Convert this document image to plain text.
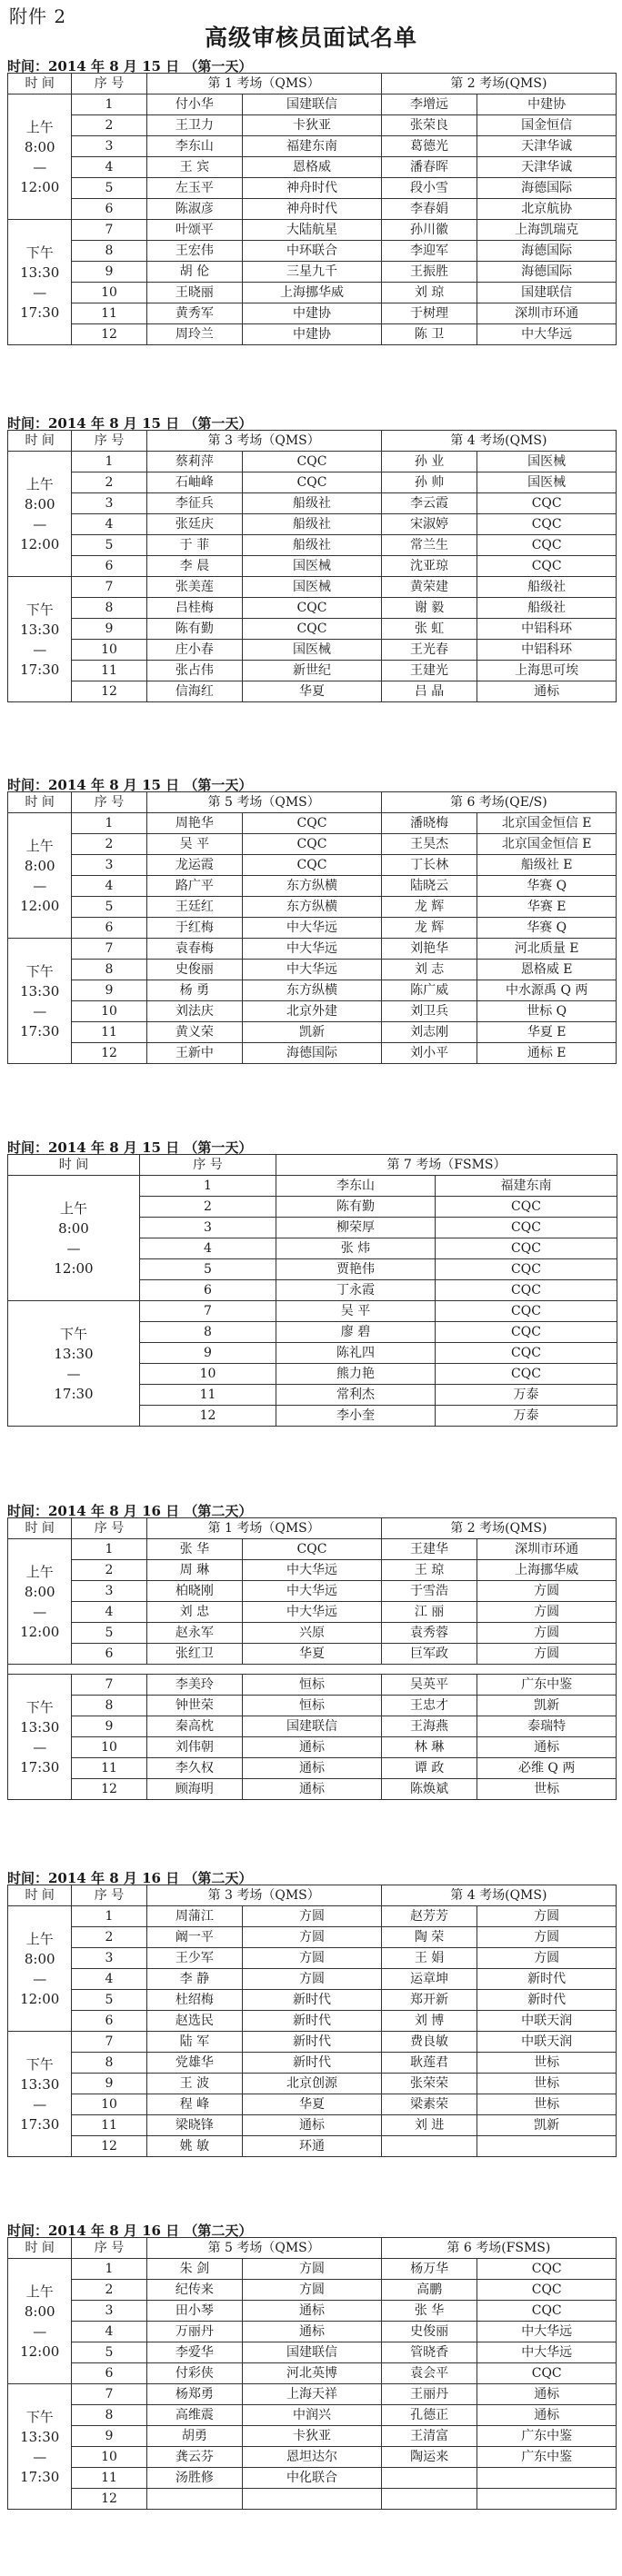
附件 2
高级审核员面试名单
时间：2014 年 8 月 15 日 （第一天）
时 间	序 号	第 1 考场（QMS）		第 2 考场(QMS)	

上午
8:00
—
12:00	1	付小华	国建联信	李增远	中建协
	2	王卫力	卡狄亚	张荣良	国金恒信
	3	李东山	福建东南	葛德光	天津华诚
	4	王 宾	恩格威	潘春晖	天津华诚
	5	左玉平	神舟时代	段小雪	海德国际
	6	陈淑彦	神舟时代	李春娟	北京航协

下午
13:30
—
17:30	7	叶颂平	大陆航星	孙川徽	上海凯瑞克
	8	王宏伟	中环联合	李迎军	海德国际
	9	胡 伦	三星九千	王振胜	海德国际
	10	王晓丽	上海挪华威	刘 琼	国建联信
	11	黄秀军	中建协	于树理	深圳市环通
	12	周玲兰	中建协	陈 卫	中大华远
时间：2014 年 8 月 15 日 （第一天）
时 间	序 号	第 3 考场（QMS）		第 4 考场(QMS)	

上午
8:00
—
12:00	1	蔡莉萍	CQC	孙 业	国医械
	2	石岫峰	CQC	孙 帅	国医械
	3	李征兵	船级社	李云霞	CQC
	4	张廷庆	船级社	宋淑婷	CQC
	5	于 菲	船级社	常兰生	CQC
	6	李 晨	国医械	沈亚琼	CQC

下午
13:30
—
17:30	7	张美莲	国医械	黄荣建	船级社
	8	吕桂梅	CQC	谢 毅	船级社
	9	陈有勤	CQC	张 虹	中铝科环
	10	庄小春	国医械	王光春	中铝科环
	11	张占伟	新世纪	王建光	上海思可埃
	12	信海红	华夏	吕 晶	通标
时间：2014 年 8 月 15 日 （第一天）
时 间	序 号	第 5 考场（QMS）		第 6 考场(QE/S)	

上午
8:00
—
12:00	1	周艳华	CQC	潘晓梅	北京国金恒信 E
	2	吴 平	CQC	王昊杰	北京国金恒信 E
	3	龙运霞	CQC	丁长林	船级社 E
	4	路广平	东方纵横	陆晓云	华赛 Q
	5	王廷红	东方纵横	龙 辉	华赛 E
	6	于红梅	中大华远	龙 辉	华赛 Q

下午
13:30
—
17:30	7	袁春梅	中大华远	刘艳华	河北质量 E
	8	史俊丽	中大华远	刘 志	恩格威 E
	9	杨 勇	东方纵横	陈广威	中水源禹 Q 两
	10	刘法庆	北京外建	刘卫兵	世标 Q
	11	黄义荣	凯新	刘志刚	华夏 E
	12	王新中	海德国际	刘小平	通标 E
时间：2014 年 8 月 15 日 （第一天）
时 间	序 号	第 7 考场（FSMS）	

上午
8:00
—
12:00	1	李东山	福建东南
	2	陈有勤	CQC
	3	柳荣厚	CQC
	4	张 炜	CQC
	5	贾艳伟	CQC
	6	丁永霞	CQC

下午
13:30
—
17:30	7	吴 平	CQC
	8	廖 碧	CQC
	9	陈礼四	CQC
	10	熊力艳	CQC
	11	常利杰	万泰
	12	李小奎	万泰
时间：2014 年 8 月 16 日 （第二天）
时 间	序 号	第 1 考场（QMS）		第 2 考场(QMS)	

上午
8:00
—
12:00	1	张 华	CQC	王建华	深圳市环通
	2	周 琳	中大华远	王 琼	上海挪华威
	3	柏晓刚	中大华远	于雪浩	方圆
	4	刘 忠	中大华远	江 丽	方圆
	5	赵永军	兴原	袁秀蓉	方圆
	6	张红卫	华夏	巨军政	方圆

下午
13:30
—
17:30	7	李美玲	恒标	吴英平	广东中鉴
	8	钟世荣	恒标	王忠才	凯新
	9	秦高枕	国建联信	王海燕	泰瑞特
	10	刘伟朝	通标	林 琳	通标
	11	李久权	通标	谭 政	必维 Q 两
	12	顾海明	通标	陈焕斌	世标
时间：2014 年 8 月 16 日 （第二天）
时 间	序 号	第 3 考场（QMS）		第 4 考场(QMS)	

上午
8:00
—
12:00	1	周蒲江	方圆	赵芳芳	方圆
	2	阚一平	方圆	陶 荣	方圆
	3	王少军	方圆	王 娟	方圆
	4	李 静	方圆	运章坤	新时代
	5	杜绍梅	新时代	郑开新	新时代
	6	赵选民	新时代	刘 博	中联天润

下午
13:30
—
17:30	7	陆 军	新时代	费良敏	中联天润
	8	党雄华	新时代	耿莲君	世标
	9	王 波	北京创源	张荣荣	世标
	10	程 峰	华夏	梁素荣	世标
	11	梁晓锋	通标	刘 进	凯新
	12	姚 敏	环通		
时间：2014 年 8 月 16 日 （第二天）
时 间	序 号	第 5 考场（QMS）		第 6 考场(FSMS)	

上午
8:00
—
12:00	1	朱 剑	方圆	杨万华	CQC
	2	纪传来	方圆	高鹏	CQC
	3	田小琴	通标	张 华	CQC
	4	万丽丹	通标	史俊丽	中大华远
	5	李爱华	国建联信	管晓香	中大华远
	6	付彩侠	河北英博	袁会平	CQC

下午
13:30
—
17:30	7	杨郑勇	上海天祥	王丽丹	通标
	8	高维震	中润兴	孔德正	通标
	9	胡勇	卡狄亚	王清富	广东中鉴
	10	龚云芬	恩坦达尔	陶运来	广东中鉴
	11	汤胜修	中化联合		
	12				
